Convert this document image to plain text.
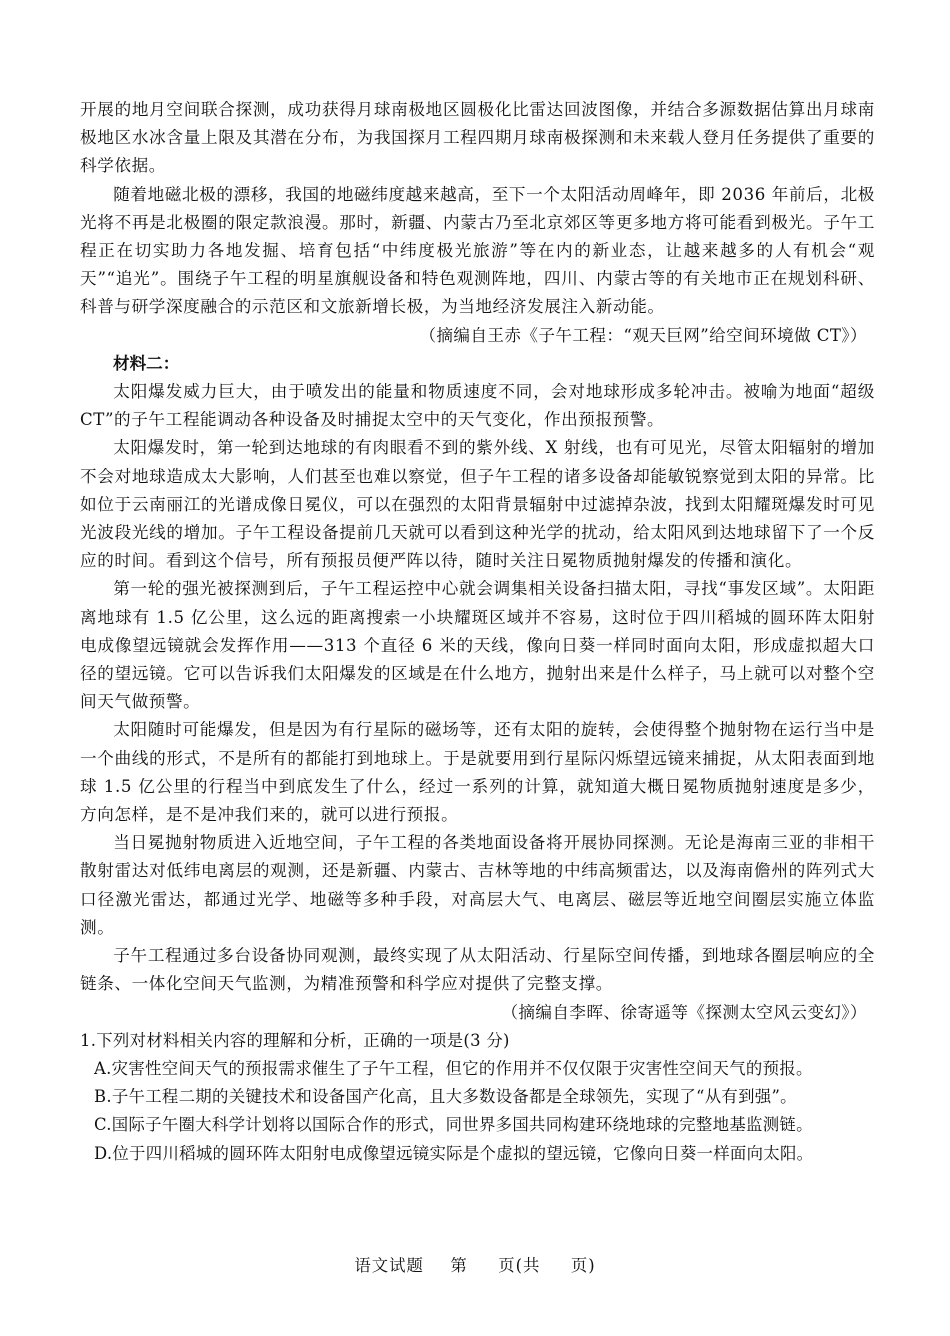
开展的地月空间联合探测，成功获得月球南极地区圆极化比雷达回波图像，并结合多源数据估算出月球南极地区水冰含量上限及其潜在分布，为我国探月工程四期月球南极探测和未来载人登月任务提供了重要的科学依据。

随着地磁北极的漂移，我国的地磁纬度越来越高，至下一个太阳活动周峰年，即 2036 年前后，北极光将不再是北极圈的限定款浪漫。那时，新疆、内蒙古乃至北京郊区等更多地方将可能看到极光。子午工程正在切实助力各地发掘、培育包括“中纬度极光旅游”等在内的新业态，让越来越多的人有机会“观天”“追光”。围绕子午工程的明星旗舰设备和特色观测阵地，四川、内蒙古等的有关地市正在规划科研、科普与研学深度融合的示范区和文旅新增长极，为当地经济发展注入新动能。

（摘编自王赤《子午工程：“观天巨网”给空间环境做 CT》）

材料二：

太阳爆发威力巨大，由于喷发出的能量和物质速度不同，会对地球形成多轮冲击。被喻为地面“超级 CT”的子午工程能调动各种设备及时捕捉太空中的天气变化，作出预报预警。

太阳爆发时，第一轮到达地球的有肉眼看不到的紫外线、X 射线，也有可见光，尽管太阳辐射的增加不会对地球造成太大影响，人们甚至也难以察觉，但子午工程的诸多设备却能敏锐察觉到太阳的异常。比如位于云南丽江的光谱成像日冕仪，可以在强烈的太阳背景辐射中过滤掉杂波，找到太阳耀斑爆发时可见光波段光线的增加。子午工程设备提前几天就可以看到这种光学的扰动，给太阳风到达地球留下了一个反应的时间。看到这个信号，所有预报员便严阵以待，随时关注日冕物质抛射爆发的传播和演化。

第一轮的强光被探测到后，子午工程运控中心就会调集相关设备扫描太阳，寻找“事发区域”。太阳距离地球有 1.5 亿公里，这么远的距离搜索一小块耀斑区域并不容易，这时位于四川稻城的圆环阵太阳射电成像望远镜就会发挥作用——313 个直径 6 米的天线，像向日葵一样同时面向太阳，形成虚拟超大口径的望远镜。它可以告诉我们太阳爆发的区域是在什么地方，抛射出来是什么样子，马上就可以对整个空间天气做预警。

太阳随时可能爆发，但是因为有行星际的磁场等，还有太阳的旋转，会使得整个抛射物在运行当中是一个曲线的形式，不是所有的都能打到地球上。于是就要用到行星际闪烁望远镜来捕捉，从太阳表面到地球 1.5 亿公里的行程当中到底发生了什么，经过一系列的计算，就知道大概日冕物质抛射速度是多少，方向怎样，是不是冲我们来的，就可以进行预报。

当日冕抛射物质进入近地空间，子午工程的各类地面设备将开展协同探测。无论是海南三亚的非相干散射雷达对低纬电离层的观测，还是新疆、内蒙古、吉林等地的中纬高频雷达，以及海南儋州的阵列式大口径激光雷达，都通过光学、地磁等多种手段，对高层大气、电离层、磁层等近地空间圈层实施立体监测。

子午工程通过多台设备协同观测，最终实现了从太阳活动、行星际空间传播，到地球各圈层响应的全链条、一体化空间天气监测，为精准预警和科学应对提供了完整支撑。

（摘编自李晖、徐寄遥等《探测太空风云变幻》）

1.下列对材料相关内容的理解和分析，正确的一项是(3 分)

A.灾害性空间天气的预报需求催生了子午工程，但它的作用并不仅仅限于灾害性空间天气的预报。

B.子午工程二期的关键技术和设备国产化高，且大多数设备都是全球领先，实现了“从有到强”。

C.国际子午圈大科学计划将以国际合作的形式，同世界多国共同构建环绕地球的完整地基监测链。

D.位于四川稻城的圆环阵太阳射电成像望远镜实际是个虚拟的望远镜，它像向日葵一样面向太阳。

语文试题 第 页(共 页)
